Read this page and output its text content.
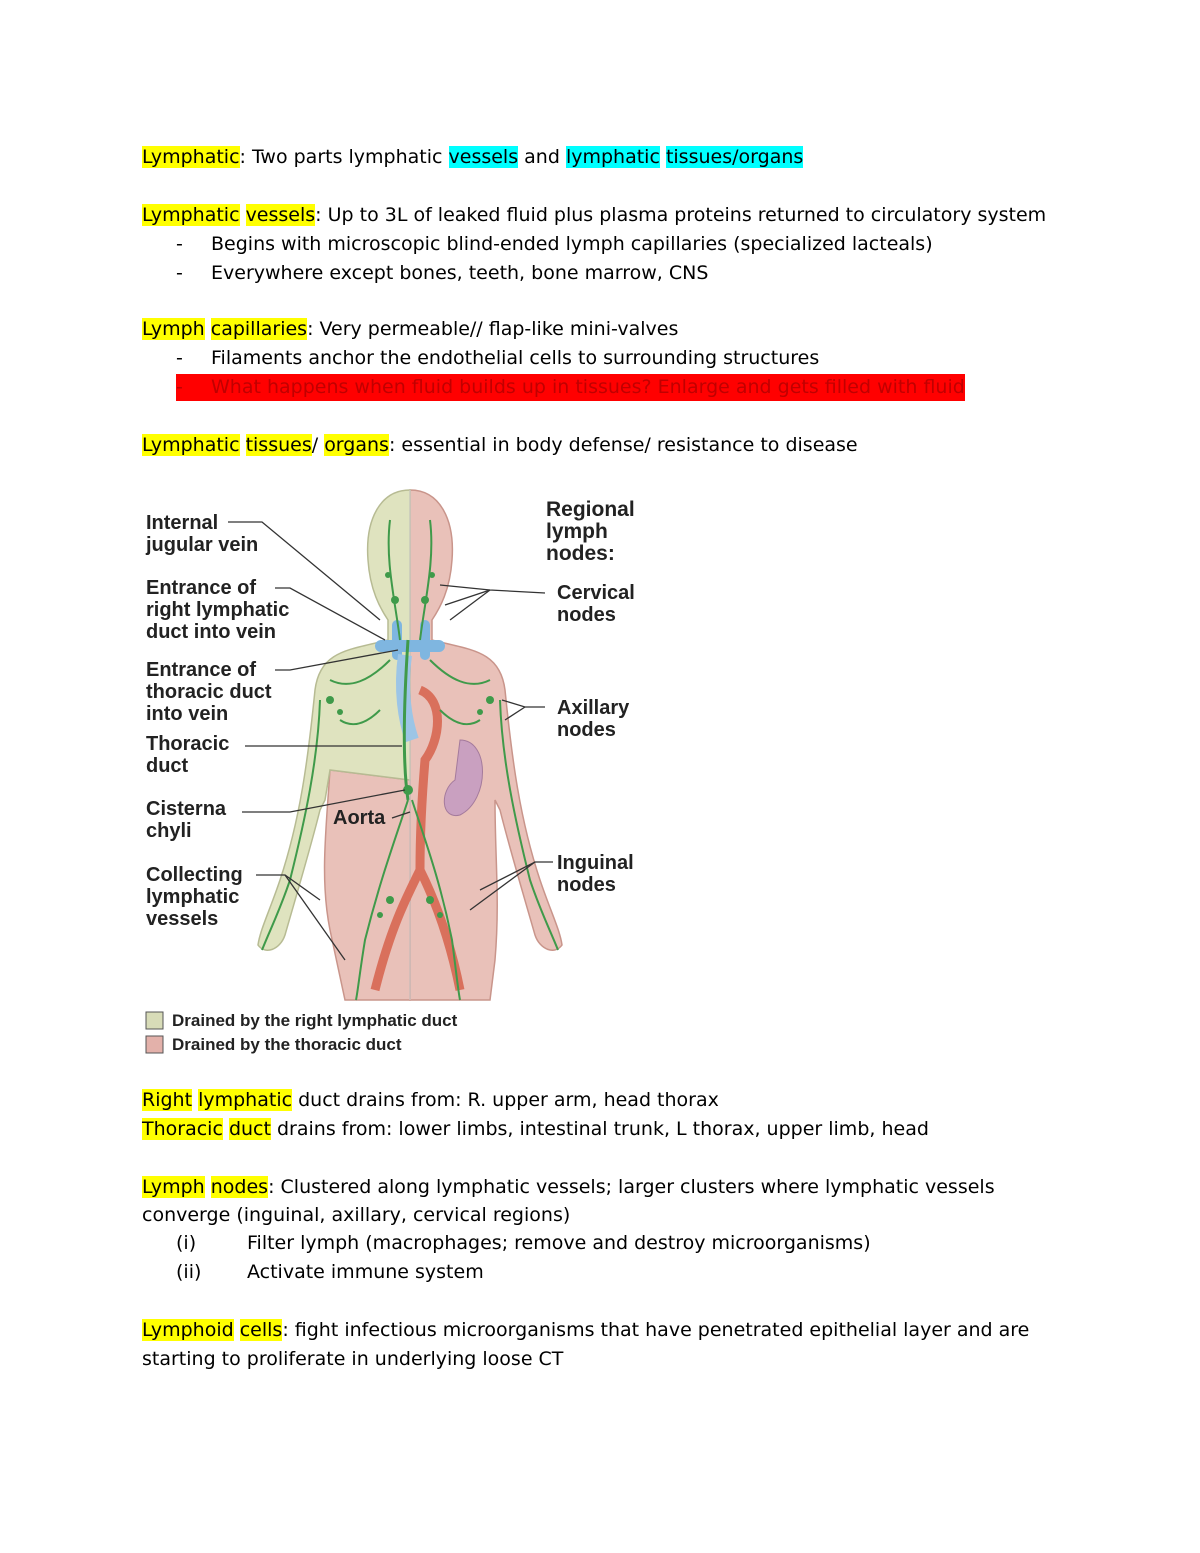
Lymphatic: Two parts lymphatic vessels and lymphatic tissues/organs
Lymphatic vessels: Up to 3L of leaked fluid plus plasma proteins returned to circulatory system
- Begins with microscopic blind-ended lymph capillaries (specialized lacteals)
- Everywhere except bones, teeth, bone marrow, CNS
Lymph capillaries: Very permeable// flap-like mini-valves
- Filaments anchor the endothelial cells to surrounding structures
- What happens when fluid builds up in tissues? Enlarge and gets filled with fluid
Lymphatic tissues/ organs: essential in body defense/ resistance to disease
Internal
jugular vein
Entrance of
right lymphatic
duct into vein
Entrance of
thoracic duct
into vein
Thoracic
duct
Cisterna
chyli
Collecting
lymphatic
vessels
Aorta
Regional
lymph
nodes:
Cervical
nodes
Axillary
nodes
Inguinal
nodes
Drained by the right lymphatic duct
Drained by the thoracic duct
Right lymphatic duct drains from: R. upper arm, head thorax
Thoracic duct drains from: lower limbs, intestinal trunk, L thorax, upper limb, head
Lymph nodes: Clustered along lymphatic vessels; larger clusters where lymphatic vessels
converge (inguinal, axillary, cervical regions)
(i)	Filter lymph (macrophages; remove and destroy microorganisms)
(ii) Activate immune system
Lymphoid cells: fight infectious microorganisms that have penetrated epithelial layer and are
starting to proliferate in underlying loose CT
